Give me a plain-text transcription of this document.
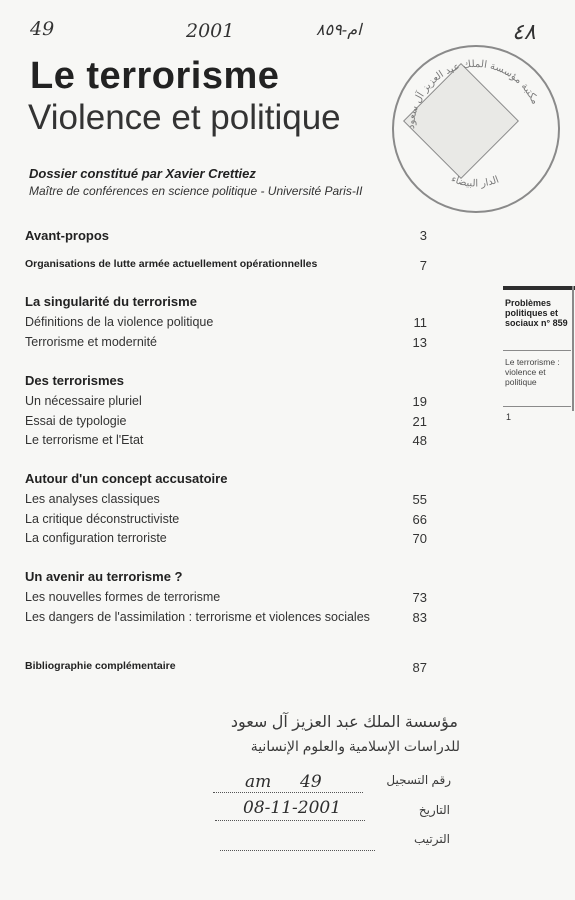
49	2001	ﺍﻡ-٨٥٩	٤٨
Le terrorisme
Violence et politique
Dossier constitué par Xavier Crettiez
Maître de conférences en science politique - Université Paris-II
مكتبة مؤسسة الملك عبد العزيز آل سعود
الدار البيضاء
Avant-propos	3
Organisations de lutte armée actuellement opérationnelles	7
La singularité du terrorisme
Définitions de la violence politique	11
Terrorisme et modernité	13
Des terrorismes
Un nécessaire pluriel	19
Essai de typologie	21
Le terrorisme et l'Etat	48
Autour d'un concept accusatoire
Les analyses classiques	55
La critique déconstructiviste	66
La configuration terroriste	70
Un avenir au terrorisme ?
Les nouvelles formes de terrorisme	73
Les dangers de l'assimilation : terrorisme et violences sociales	83
Bibliographie complémentaire	87
Problèmes politiques et sociaux n° 859
Le terrorisme : violence et politique
1
مؤسسة الملك عبد العزيز آل سعود
للدراسات الإسلامية والعلوم الإنسانية
رقم التسجيل
am 49
التاريخ
08-11-2001
الترتيب
